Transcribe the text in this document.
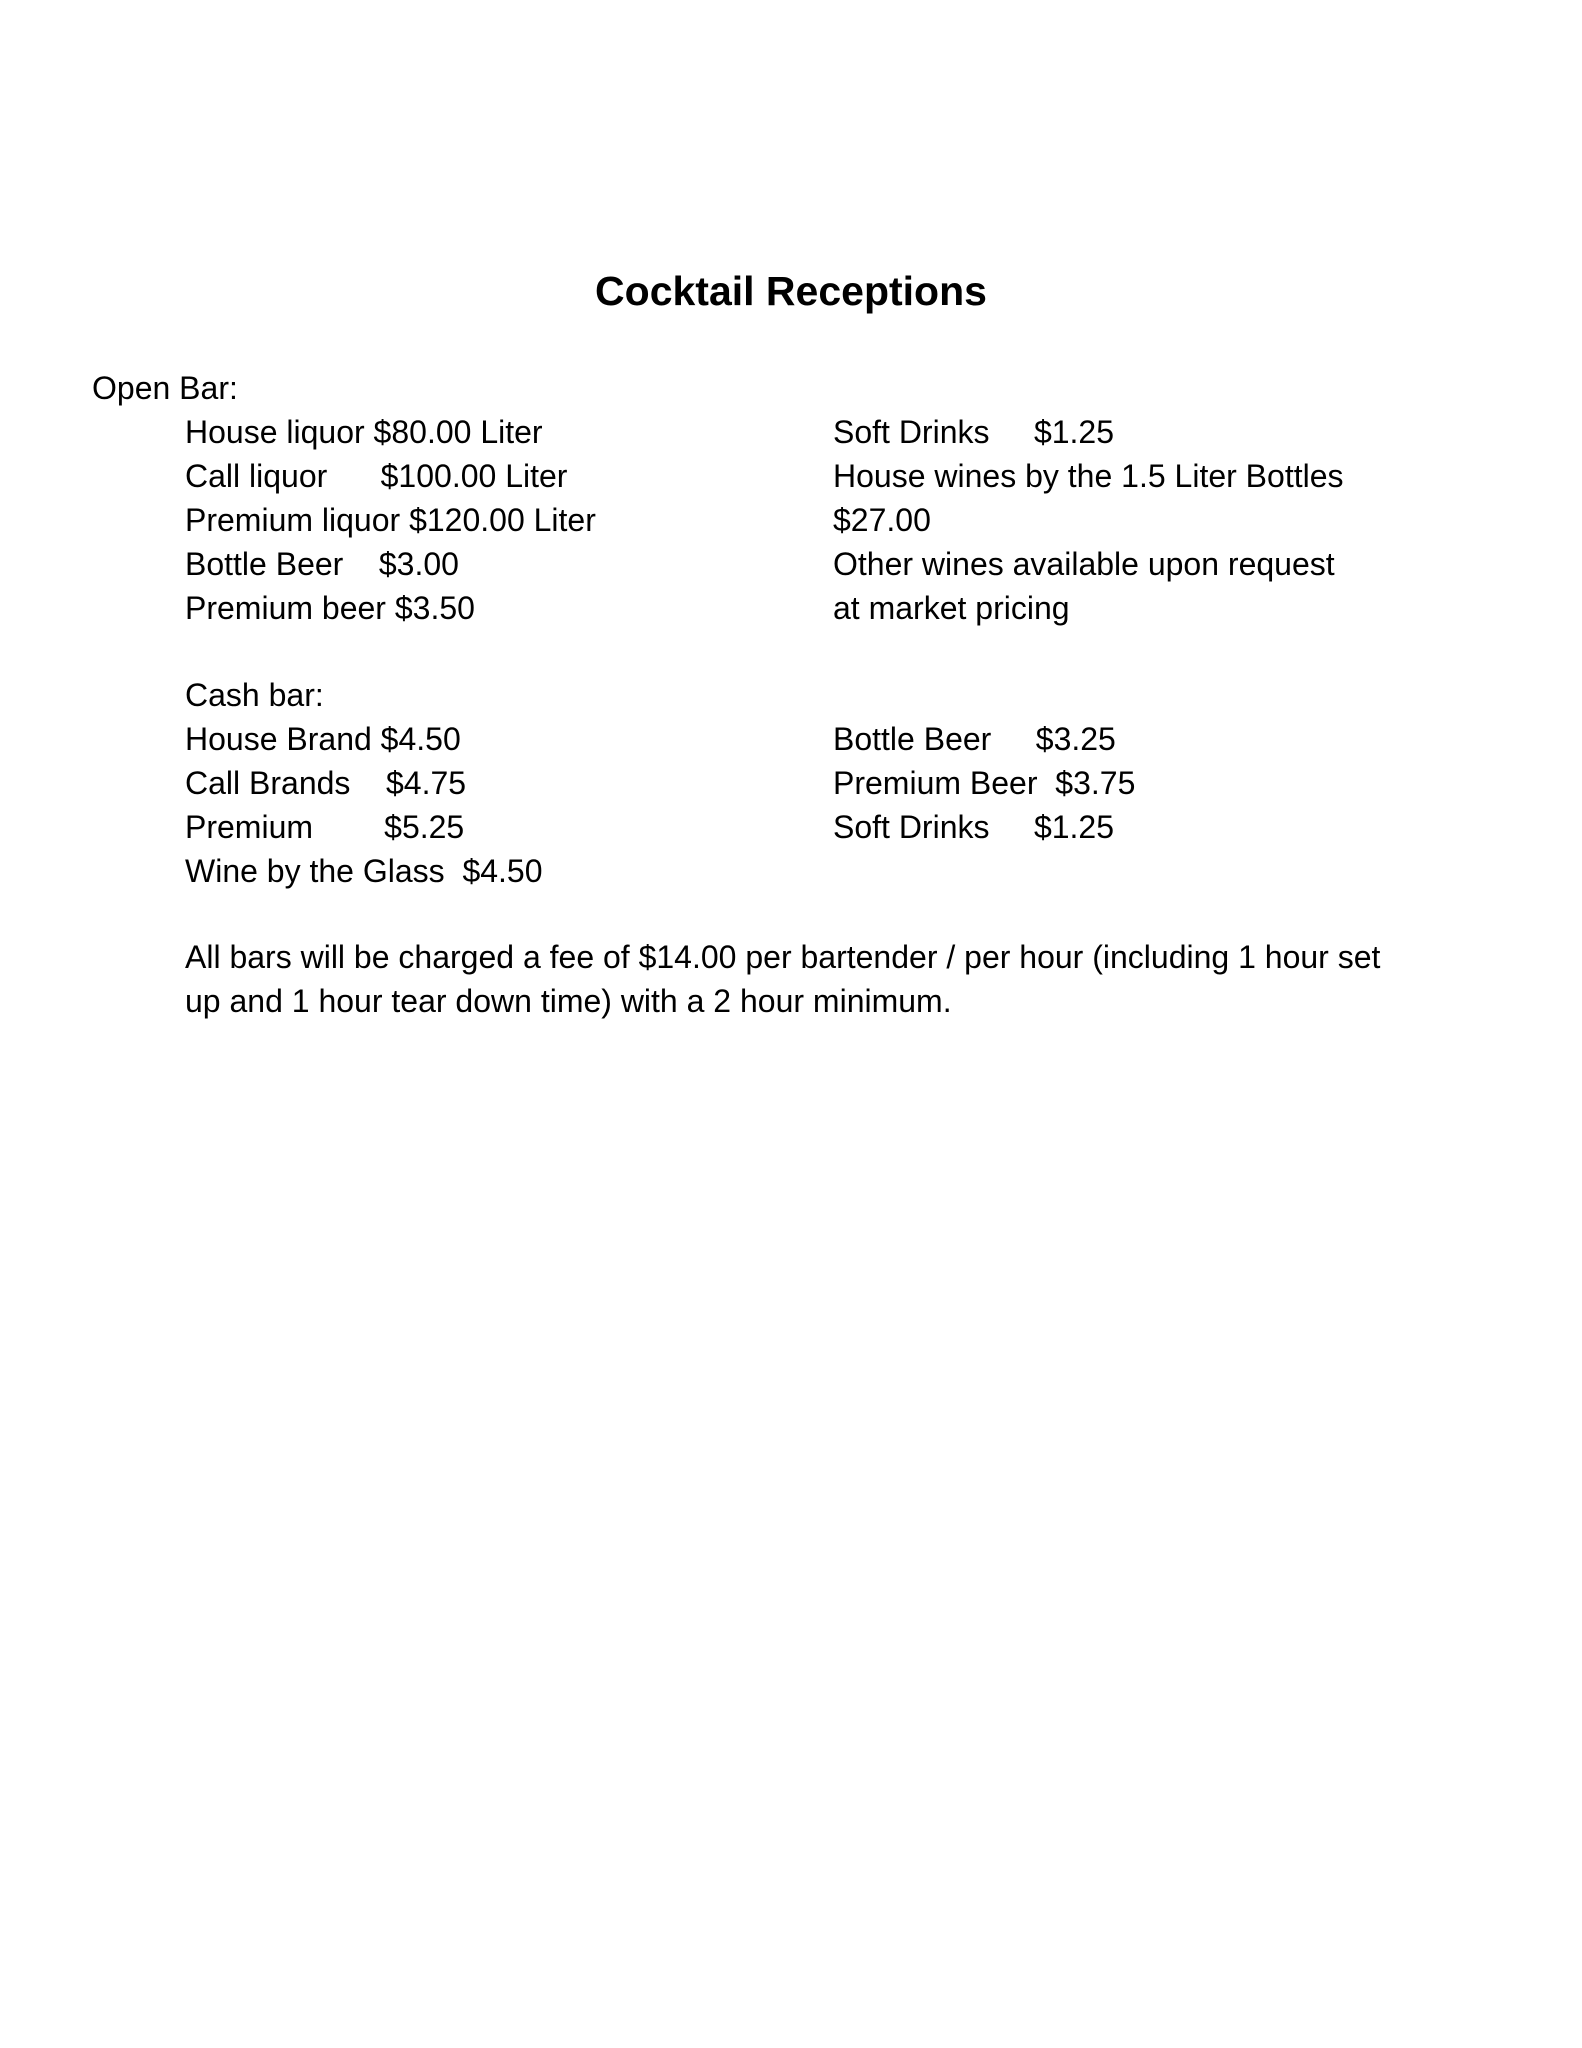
Cocktail Receptions
Open Bar:
House liquor $80.00 Liter
Call liquor      $100.00 Liter
Premium liquor $120.00 Liter
Bottle Beer    $3.00
Premium beer $3.50
Soft Drinks     $1.25
House wines by the 1.5 Liter Bottles
$27.00
Other wines available upon request
at market pricing
Cash bar:
House Brand $4.50
Call Brands    $4.75
Premium        $5.25
Wine by the Glass  $4.50
Bottle Beer     $3.25
Premium Beer  $3.75
Soft Drinks     $1.25
All bars will be charged a fee of $14.00 per bartender / per hour (including 1 hour set up and 1 hour tear down time) with a 2 hour minimum.
